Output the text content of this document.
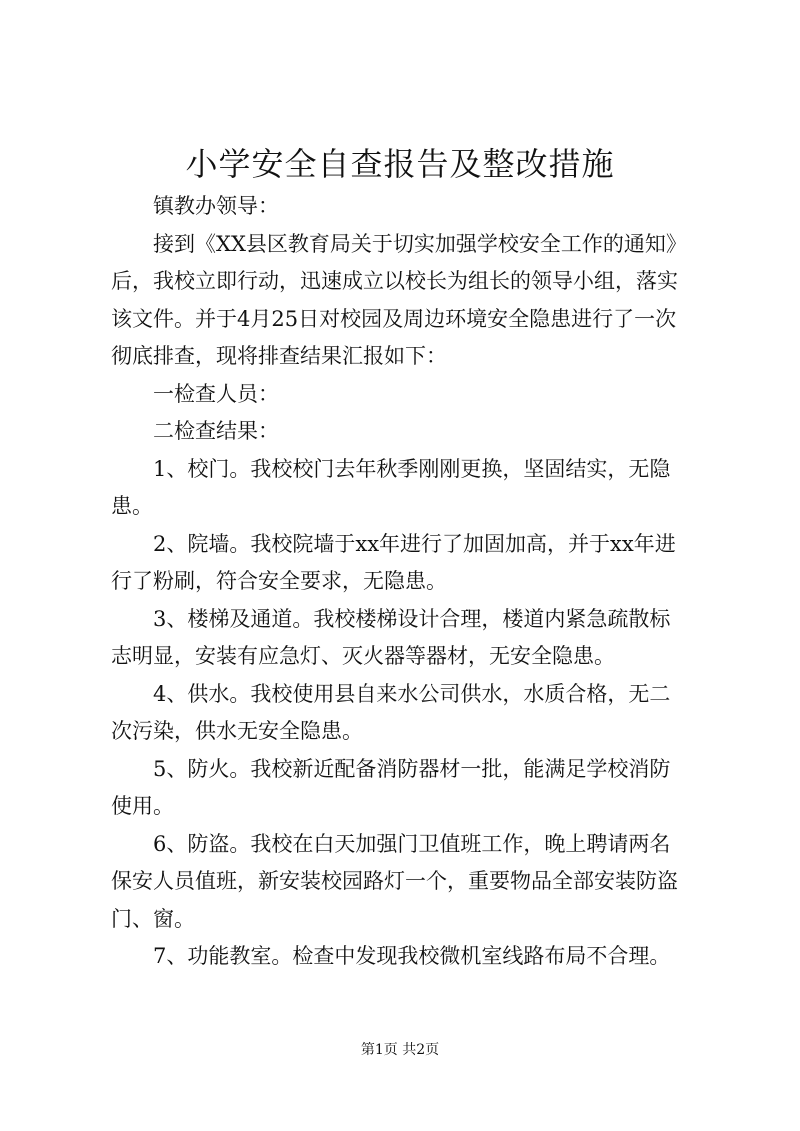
小学安全自查报告及整改措施

镇教办领导：

接到《XX县区教育局关于切实加强学校安全工作的通知》后，我校立即行动，迅速成立以校长为组长的领导小组，落实该文件。并于4月25日对校园及周边环境安全隐患进行了一次彻底排查，现将排查结果汇报如下：

一检查人员：

二检查结果：

1、校门。我校校门去年秋季刚刚更换，坚固结实，无隐患。

2、院墙。我校院墙于xx年进行了加固加高，并于xx年进行了粉刷，符合安全要求，无隐患。

3、楼梯及通道。我校楼梯设计合理，楼道内紧急疏散标志明显，安装有应急灯、灭火器等器材，无安全隐患。

4、供水。我校使用县自来水公司供水，水质合格，无二次污染，供水无安全隐患。

5、防火。我校新近配备消防器材一批，能满足学校消防使用。

6、防盗。我校在白天加强门卫值班工作，晚上聘请两名保安人员值班，新安装校园路灯一个，重要物品全部安装防盗门、窗。

7、功能教室。检查中发现我校微机室线路布局不合理。

第1页 共2页
